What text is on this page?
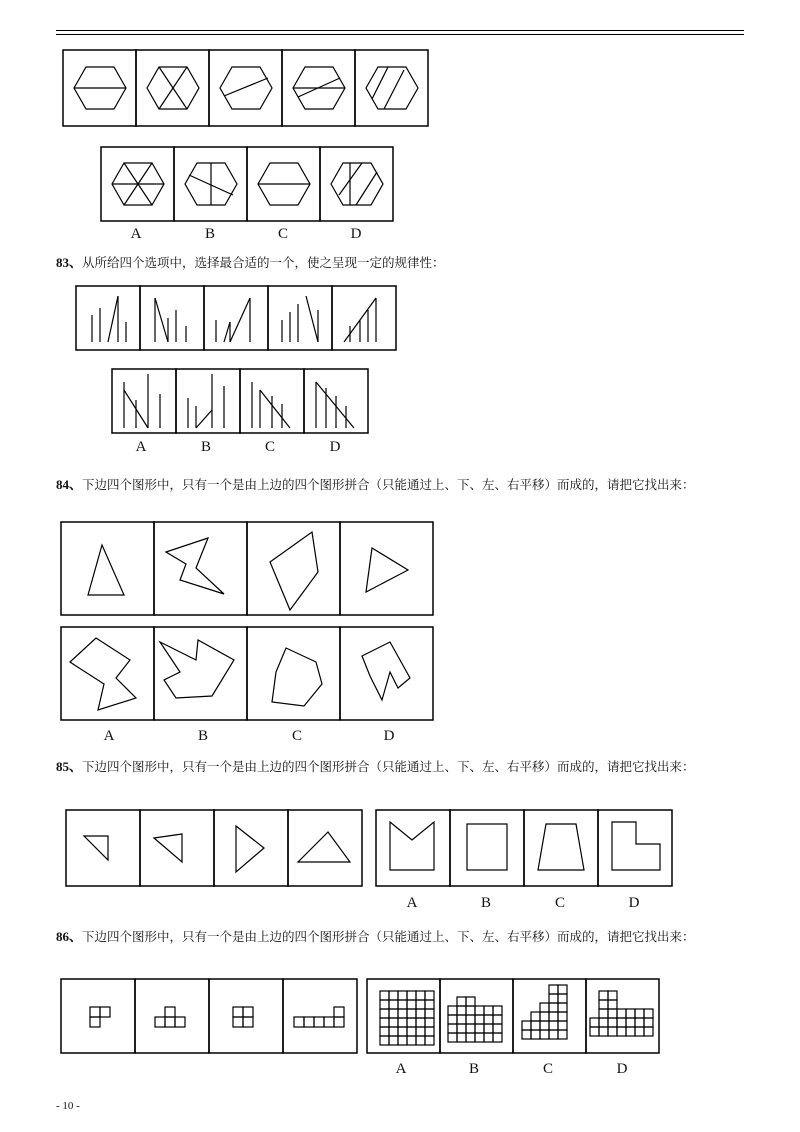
A	B	C	D
83、从所给四个选项中，选择最合适的一个，使之呈现一定的规律性：
A	B	C	D
84、下边四个图形中，只有一个是由上边的四个图形拼合（只能通过上、下、左、右平移）而成的，请把它找出来：
A	B	C	D
85、下边四个图形中，只有一个是由上边的四个图形拼合（只能通过上、下、左、右平移）而成的，请把它找出来：
A	B	C	D
86、下边四个图形中，只有一个是由上边的四个图形拼合（只能通过上、下、左、右平移）而成的，请把它找出来：
A	B	C	D
- 10 -
